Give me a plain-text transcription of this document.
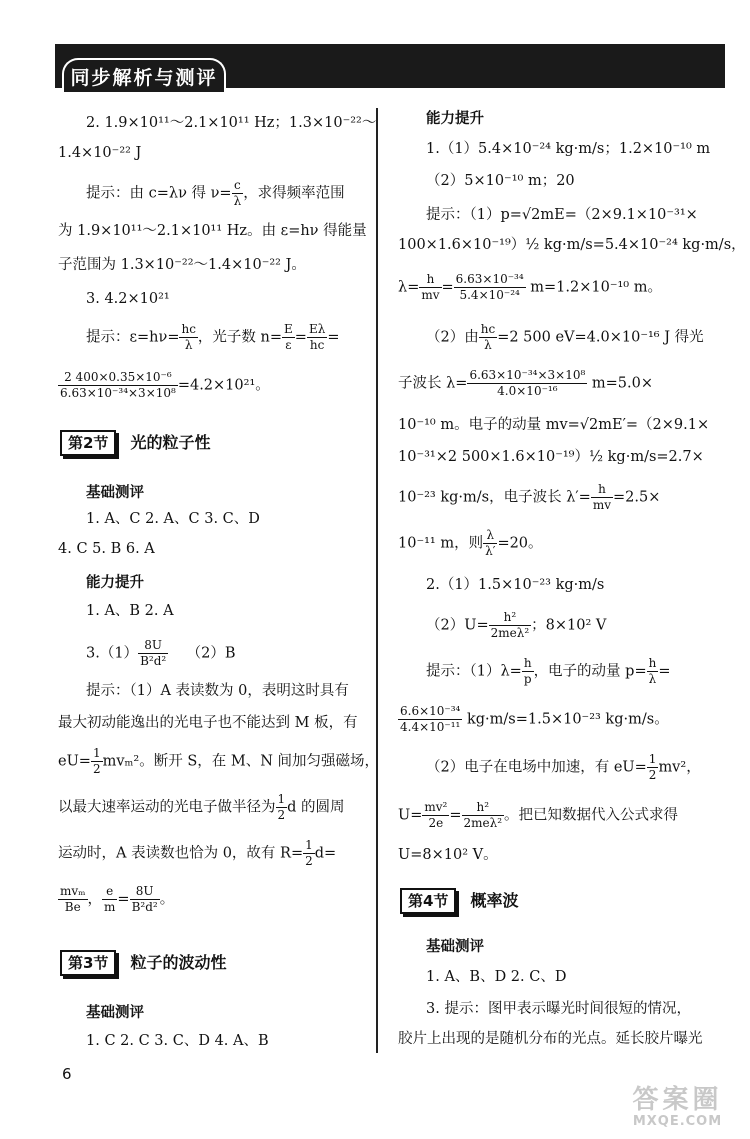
同步解析与测评
2. 1.9×10¹¹～2.1×10¹¹ Hz；1.3×10⁻²²～
1.4×10⁻²² J
提示：由 c=λν 得 $\nu= \frac{c}{\lambda}$ ，求得频率范围
为 1.9×10¹¹～2.1×10¹¹ Hz。由 ε=hν 得能量
子范围为 1.3×10⁻²²～1.4×10⁻²² J。
3. 4.2×10²¹
提示：$\varepsilon=h\nu= \frac{hc}{\lambda}$ ，光子数 $n= \frac{E}{\varepsilon} = \frac{E\lambda}{hc}$ =
$\frac{\text{2 400×0.35×10⁻⁶}}{\text{6.63×10⁻³⁴×3×10⁸}} =4.2\times 10^{21}$。
第2节 光的粒子性
基础测评
1. A、C 2. A、C 3. C、D
4. C 5. B 6. A
能力提升
1. A、B 2. A
$3.(1) \frac{8U}{\text{B²d²}} (2)B$
提示：（1）A 表读数为 0，表明这时具有
最大初动能逸出的光电子也不能达到 M 板，有
$eU= \frac{1}{2} mv_m^2$。断开 S，在 M、N 间加匀强磁场，
以最大速率运动的光电子做半径为 $\frac{1}{2}$ d 的圆周
运动时，A 表读数也恰为 0，故有 $R= \frac{1}{2} d=$
$\frac{\text{mvₘ}}{Be}$ ， $\frac{e}{m} = \frac{8U}{\text{B²d²}}$ 。
第3节 粒子的波动性
基础测评
1. C 2. C 3. C、D 4. A、B
能力提升
1.（1）5.4×10⁻²⁴ kg·m/s；1.2×10⁻¹⁰ m
（2）5×10⁻¹⁰ m；20
提示：（1）p=√2mE=（2×9.1×10⁻³¹×
100×1.6×10⁻¹⁹）½ kg·m/s=5.4×10⁻²⁴ kg·m/s，
$\lambda= \frac{h}{mv} = \frac{\text{6.63×10⁻³⁴}}{\text{5.4×10⁻²⁴}} m=1.2\times 10^{-10}$ m。
（2）由 $\frac{hc}{\lambda} =2$ 500 eV=4.0×10⁻¹⁶ J 得光
子波长 $\lambda= \frac{\text{6.63×10⁻³⁴×3×10⁸}}{\text{4.0×10⁻¹⁶}} m=5.0\times$
10⁻¹⁰ m。电子的动量 mv=√2mE′=（2×9.1×
10⁻³¹×2 500×1.6×10⁻¹⁹）½ kg·m/s=2.7×
10⁻²³ kg·m/s，电子波长 $\lambda'= \frac{h}{mv} =2.5\times$
10⁻¹¹ m，则 $\frac{\lambda}{\lambda'} =20$。
2.（1）1.5×10⁻²³ kg·m/s
$(2)U= \frac{\text{h²}}{\text{2meλ²}}$ ；8×10² V
提示：$(1)\lambda= \frac{h}{p}$ ，电子的动量 $p= \frac{h}{\lambda}$ =
$\frac{\text{6.6×10⁻³⁴}}{\text{4.4×10⁻¹¹}} kg\cdot m/s=1.5\times 10^{-23}$ kg·m/s。
（2）电子在电场中加速，有 $eU= \frac{1}{2} mv^2$，
$U= \frac{\text{mv²}}{2e} = \frac{\text{h²}}{\text{2meλ²}}$ 。把已知数据代入公式求得
U=8×10² V。
第4节 概率波
基础测评
1. A、B、D 2. C、D
3. 提示：图甲表示曝光时间很短的情况，
胶片上出现的是随机分布的光点。延长胶片曝光
6
答案圈
MXQE.COM
